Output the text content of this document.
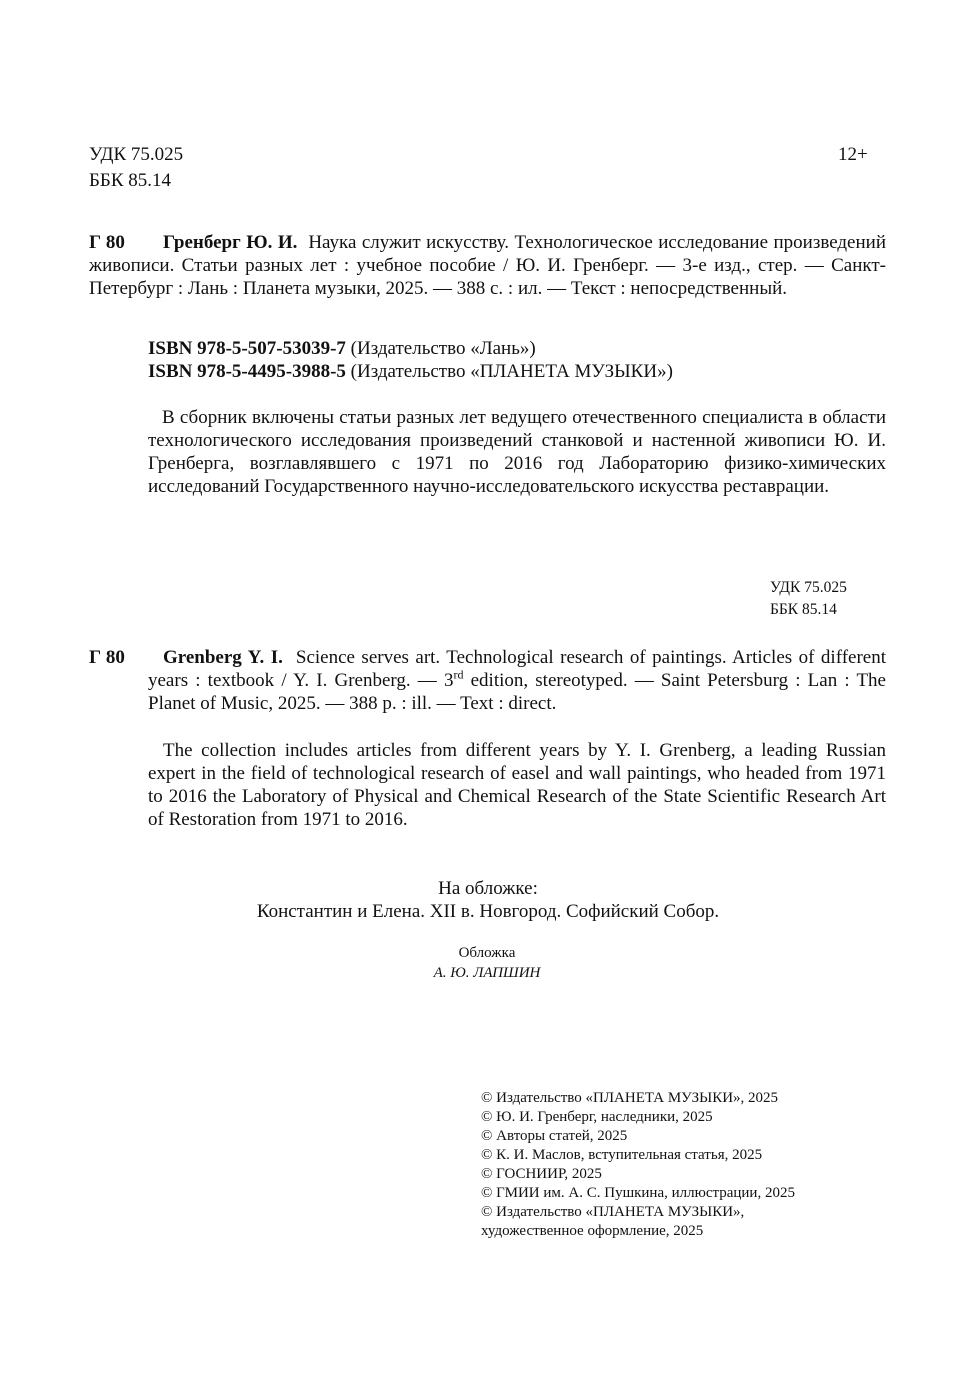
УДК 75.025
ББК 85.14
12+
Г 80	Гренберг Ю. И. Наука служит искусству. Технологическое исследование произведений живописи. Статьи разных лет : учебное пособие / Ю. И. Гренберг. — 3-е изд., стер. — Санкт-Петербург : Лань : Планета музыки, 2025. — 388 с. : ил. — Текст : непосредственный.
ISBN 978-5-507-53039-7 (Издательство «Лань»)
ISBN 978-5-4495-3988-5 (Издательство «ПЛАНЕТА МУЗЫКИ»)
В сборник включены статьи разных лет ведущего отечественного специалиста в области технологического исследования произведений станковой и настенной живописи Ю. И. Гренберга, возглавлявшего с 1971 по 2016 год Лабораторию физико-химических исследований Государственного научно-исследовательского искусства реставрации.
УДК 75.025
ББК 85.14
Г 80	Grenberg Y. I. Science serves art. Technological research of paintings. Articles of different years : textbook / Y. I. Grenberg. — 3rd edition, stereotyped. — Saint Petersburg : Lan : The Planet of Music, 2025. — 388 p. : ill. — Text : direct.
The collection includes articles from different years by Y. I. Grenberg, a leading Russian expert in the field of technological research of easel and wall paintings, who headed from 1971 to 2016 the Laboratory of Physical and Chemical Research of the State Scientific Research Art of Restoration from 1971 to 2016.
На обложке:
Константин и Елена. XII в. Новгород. Софийский Собор.
Обложка
А. Ю. ЛАПШИН
© Издательство «ПЛАНЕТА МУЗЫКИ», 2025
© Ю. И. Гренберг, наследники, 2025
© Авторы статей, 2025
© К. И. Маслов, вступительная статья, 2025
© ГОСНИИР, 2025
© ГМИИ им. А. С. Пушкина, иллюстрации, 2025
© Издательство «ПЛАНЕТА МУЗЫКИ»,
художественное оформление, 2025
